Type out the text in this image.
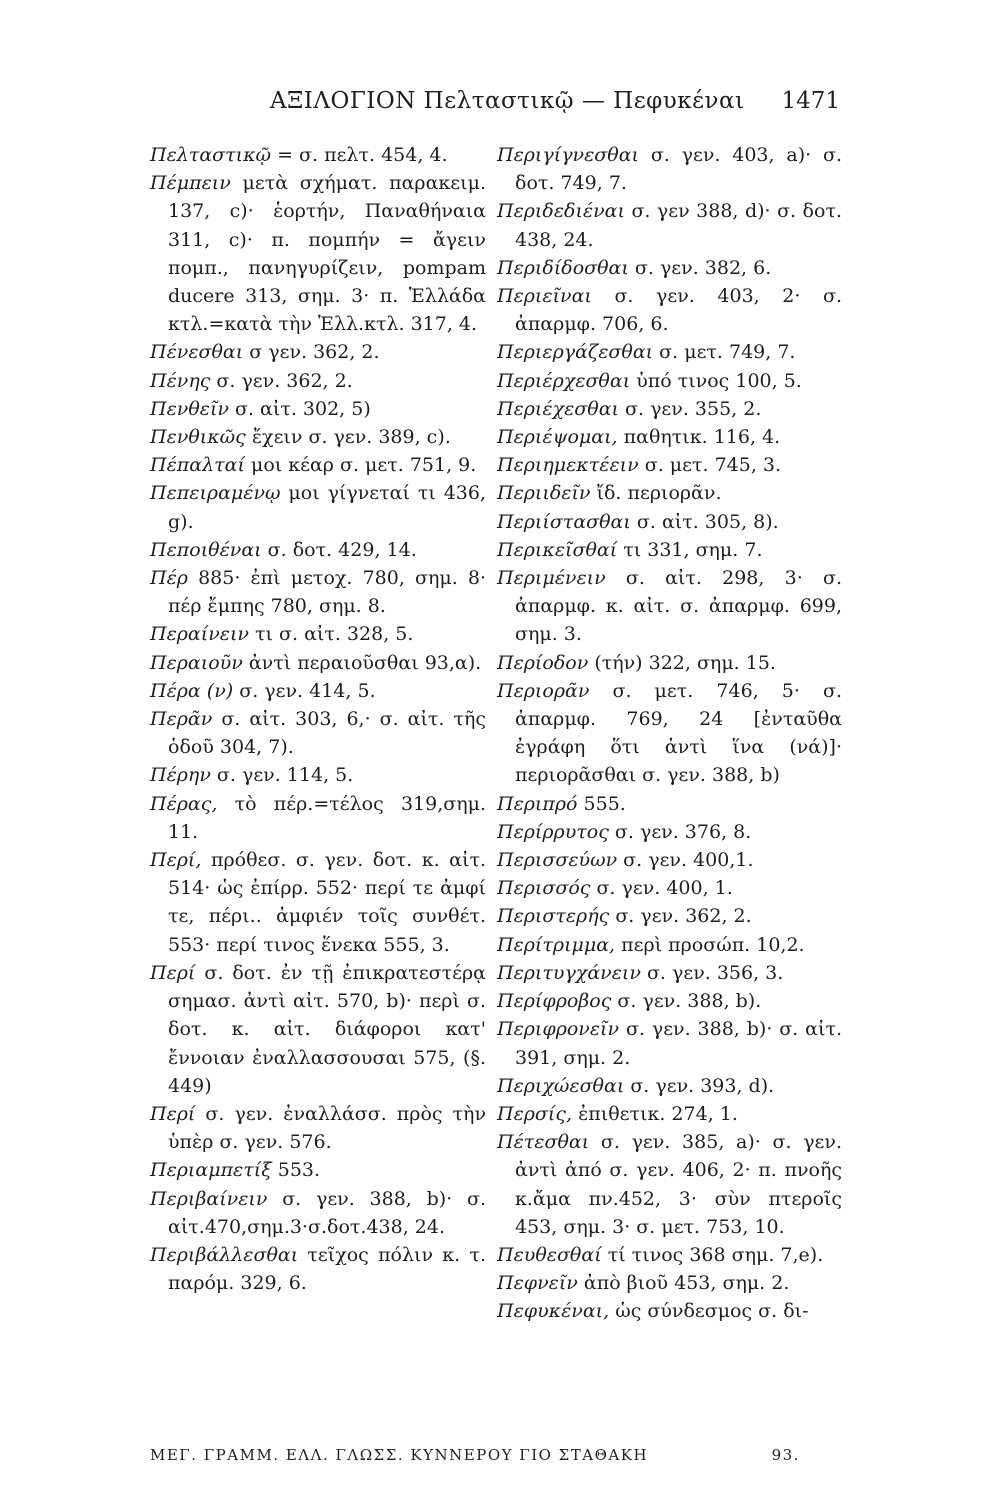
ΑΞΙΛΟΓΙΟΝ Πελταστικῷ — Πεφυκέναι 1471
Πελταστικῷ = σ. πελτ. 454, 4.
Πέμπειν μετὰ σχήματ. παρακειμ. 137, c)· ἑορτήν, Παναθήναια 311, c)· π. πομπήν = ἄγειν πομπ., πανηγυρίζειν, pompam ducere 313, σημ. 3· π. Ἑλλάδα κτλ.=κατὰ τὴν Ἑλλ.κτλ. 317, 4.
Πένεσθαι σ γεν. 362, 2.
Πένης σ. γεν. 362, 2.
Πενθεῖν σ. αἰτ. 302, 5)
Πενθικῶς ἔχειν σ. γεν. 389, c).
Πέπαλταί μοι κέαρ σ. μετ. 751, 9.
Πεπειραμένῳ μοι γίγνεταί τι 436, g).
Πεποιθέναι σ. δοτ. 429, 14.
Πέρ 885· ἐπὶ μετοχ. 780, σημ. 8· πέρ ἔμπης 780, σημ. 8.
Περαίνειν τι σ. αἰτ. 328, 5.
Περαιοῦν ἀντὶ περαιοῦσθαι 93,α).
Πέρα (ν) σ. γεν. 414, 5.
Περᾶν σ. αἰτ. 303, 6,· σ. αἰτ. τῆς ὁδοῦ 304, 7).
Πέρην σ. γεν. 114, 5.
Πέρας, τὸ πέρ.=τέλος 319,σημ. 11.
Περί, πρόθεσ. σ. γεν. δοτ. κ. αἰτ. 514· ὡς ἐπίρρ. 552· περί τε ἀμφί τε, πέρι.. ἀμφιέν τοῖς συνθέτ. 553· περί τινος ἕνεκα 555, 3.
Περί σ. δοτ. ἐν τῇ ἐπικρατεστέρᾳ σημασ. ἀντὶ αἰτ. 570, b)· περὶ σ. δοτ. κ. αἰτ. διάφοροι κατ' ἔννοιαν ἐναλλασσουσαι 575, (§. 449)
Περί σ. γεν. ἐναλλάσσ. πρὸς τὴν ὑπὲρ σ. γεν. 576.
Περιαμπετίξ 553.
Περιβαίνειν σ. γεν. 388, b)· σ. αἰτ.470,σημ.3·σ.δοτ.438, 24.
Περιβάλλεσθαι τεῖχος πόλιν κ. τ. παρόμ. 329, 6.
Περιγίγνεσθαι σ. γεν. 403, a)· σ. δοτ. 749, 7.
Περιδεδιέναι σ. γεν 388, d)· σ. δοτ. 438, 24.
Περιδίδοσθαι σ. γεν. 382, 6.
Περιεῖναι σ. γεν. 403, 2· σ. ἀπαρμφ. 706, 6.
Περιεργάζεσθαι σ. μετ. 749, 7.
Περιέρχεσθαι ὑπό τινος 100, 5.
Περιέχεσθαι σ. γεν. 355, 2.
Περιέψομαι, παθητικ. 116, 4.
Περιημεκτέειν σ. μετ. 745, 3.
Περιιδεῖν ἴδ. περιορᾶν.
Περιίστασθαι σ. αἰτ. 305, 8).
Περικεῖσθαί τι 331, σημ. 7.
Περιμένειν σ. αἰτ. 298, 3· σ. ἀπαρμφ. κ. αἰτ. σ. ἀπαρμφ. 699, σημ. 3.
Περίοδον (τήν) 322, σημ. 15.
Περιορᾶν σ. μετ. 746, 5· σ. ἀπαρμφ. 769, 24 [ἐνταῦθα ἐγράφη ὅτι ἀντὶ ἵνα (νά)]· περιορᾶσθαι σ. γεν. 388, b)
Περιπρό 555.
Περίρρυτος σ. γεν. 376, 8.
Περισσεύων σ. γεν. 400,1.
Περισσός σ. γεν. 400, 1.
Περιστερής σ. γεν. 362, 2.
Περίτριμμα, περὶ προσώπ. 10,2.
Περιτυγχάνειν σ. γεν. 356, 3.
Περίφροβος σ. γεν. 388, b).
Περιφρονεῖν σ. γεν. 388, b)· σ. αἰτ. 391, σημ. 2.
Περιχώεσθαι σ. γεν. 393, d).
Περσίς, ἐπιθετικ. 274, 1.
Πέτεσθαι σ. γεν. 385, a)· σ. γεν. ἀντὶ ἀπό σ. γεν. 406, 2· π. πνοῆς κ.ἄμα πν.452, 3· σὺν πτεροῖς 453, σημ. 3· σ. μετ. 753, 10.
Πευθεσθαί τί τινος 368 σημ. 7,e).
Πεφνεῖν ἀπὸ βιοῦ 453, σημ. 2.
Πεφυκέναι, ὡς σύνδεσμος σ. δι-
ΜΕΓ. ΓΡΑΜΜ. ΕΛΛ. ΓΛΩΣΣ. ΚΥΝΝΕΡΟΥ ΓΙΟ ΣΤΑΘΑΚΗ	93.
